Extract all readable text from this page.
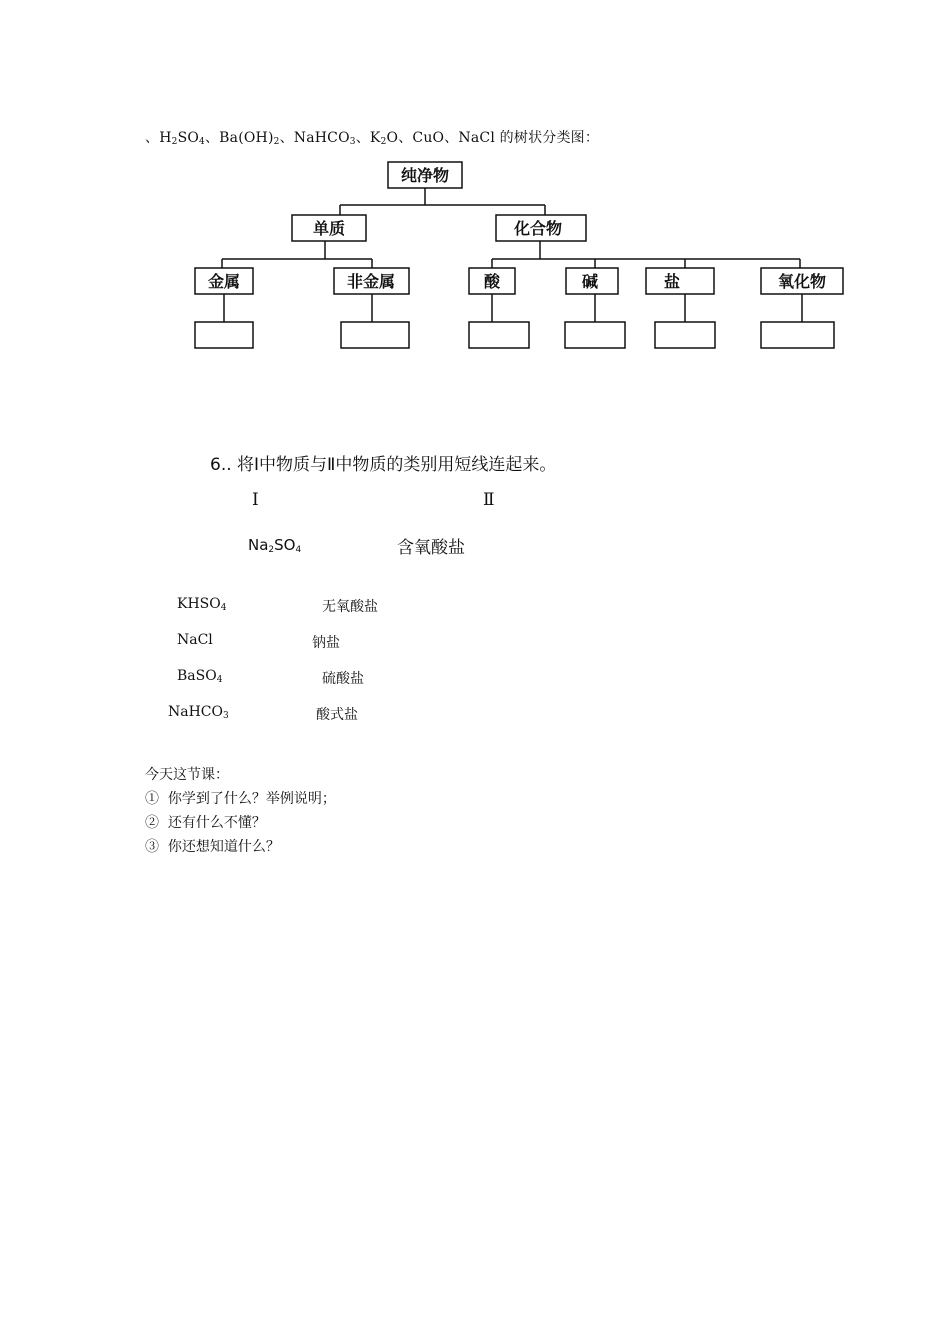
、$H_2SO_4$、$Ba(OH)_2$、NaHCO$_3$、$K_2O$、CuO、NaCl 的树状分类图：
纯净物
单质	化合物
金属	非金属	酸	碱	盐	氧化物
6.. 将Ⅰ中物质与Ⅱ中物质的类别用短线连起来。
Ⅰ	Ⅱ
$Na_2SO_4$	含氧酸盐
$KHSO_4$	无氧酸盐
NaCl	钠盐
BaSO$_4$	硫酸盐
NaHCO$_3$	酸式盐
今天这节课：
① 你学到了什么？举例说明；
② 还有什么不懂？
③ 你还想知道什么？
